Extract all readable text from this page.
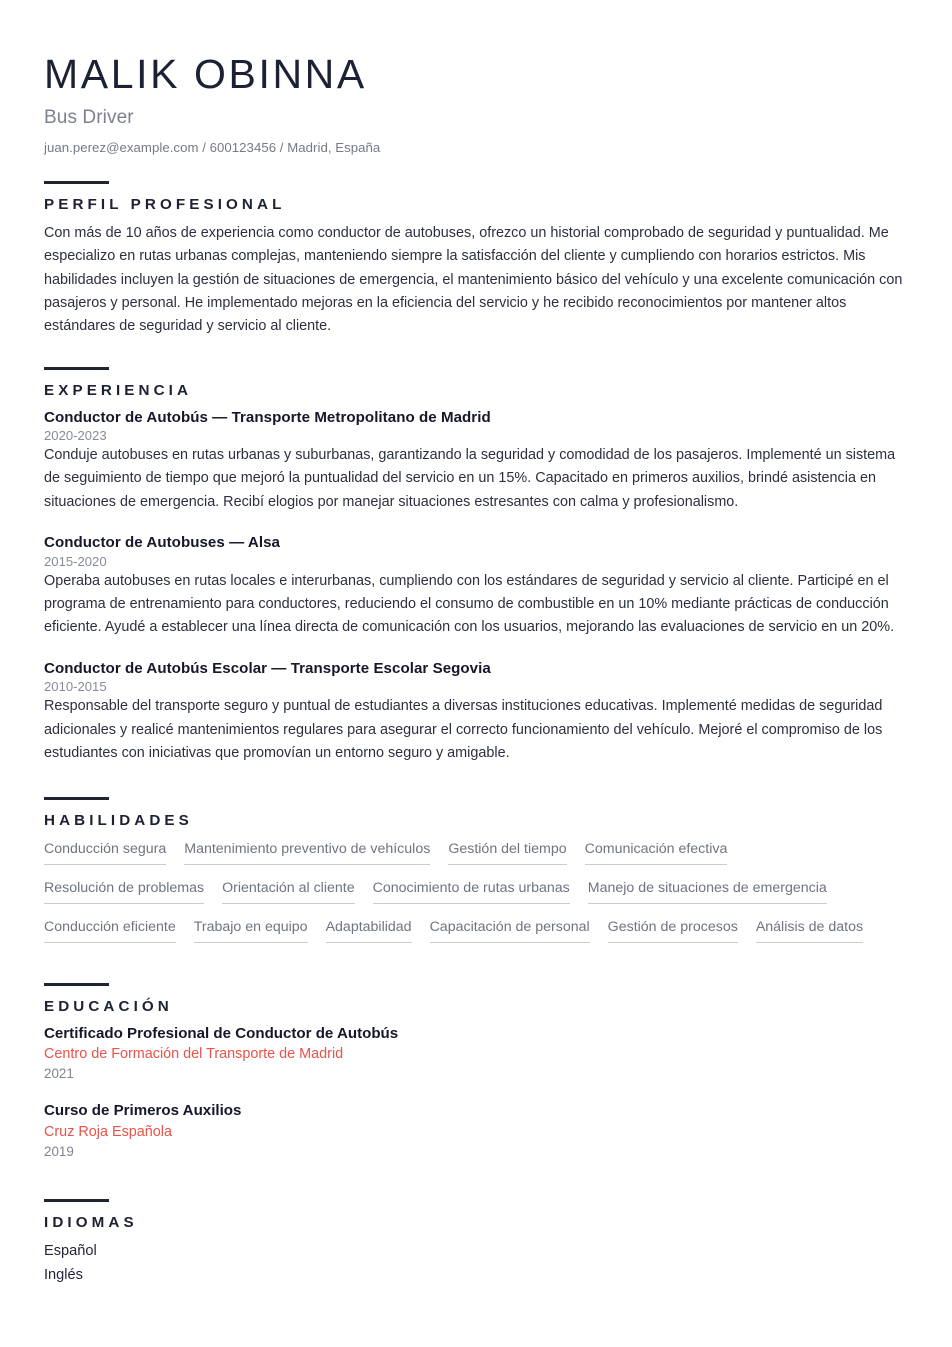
MALIK OBINNA
Bus Driver
juan.perez@example.com / 600123456 / Madrid, España
PERFIL PROFESIONAL

Con más de 10 años de experiencia como conductor de autobuses, ofrezco un historial comprobado de seguridad y puntualidad. Me especializo en rutas urbanas complejas, manteniendo siempre la satisfacción del cliente y cumpliendo con horarios estrictos. Mis habilidades incluyen la gestión de situaciones de emergencia, el mantenimiento básico del vehículo y una excelente comunicación con pasajeros y personal. He implementado mejoras en la eficiencia del servicio y he recibido reconocimientos por mantener altos estándares de seguridad y servicio al cliente.

EXPERIENCIA
Conductor de Autobús — Transporte Metropolitano de Madrid
2020-2023

Conduje autobuses en rutas urbanas y suburbanas, garantizando la seguridad y comodidad de los pasajeros. Implementé un sistema de seguimiento de tiempo que mejoró la puntualidad del servicio en un 15%. Capacitado en primeros auxilios, brindé asistencia en situaciones de emergencia. Recibí elogios por manejar situaciones estresantes con calma y profesionalismo.

Conductor de Autobuses — Alsa
2015-2020

Operaba autobuses en rutas locales e interurbanas, cumpliendo con los estándares de seguridad y servicio al cliente. Participé en el programa de entrenamiento para conductores, reduciendo el consumo de combustible en un 10% mediante prácticas de conducción eficiente. Ayudé a establecer una línea directa de comunicación con los usuarios, mejorando las evaluaciones de servicio en un 20%.

Conductor de Autobús Escolar — Transporte Escolar Segovia
2010-2015

Responsable del transporte seguro y puntual de estudiantes a diversas instituciones educativas. Implementé medidas de seguridad adicionales y realicé mantenimientos regulares para asegurar el correcto funcionamiento del vehículo. Mejoré el compromiso de los estudiantes con iniciativas que promovían un entorno seguro y amigable.

HABILIDADES
Conducción segura Mantenimiento preventivo de vehículos Gestión del tiempo Comunicación efectiva
Resolución de problemas Orientación al cliente Conocimiento de rutas urbanas Manejo de situaciones de emergencia
Conducción eficiente Trabajo en equipo Adaptabilidad Capacitación de personal Gestión de procesos Análisis de datos
EDUCACIÓN
Certificado Profesional de Conductor de Autobús
Centro de Formación del Transporte de Madrid
2021
Curso de Primeros Auxilios
Cruz Roja Española
2019
IDIOMAS
Español
Inglés
